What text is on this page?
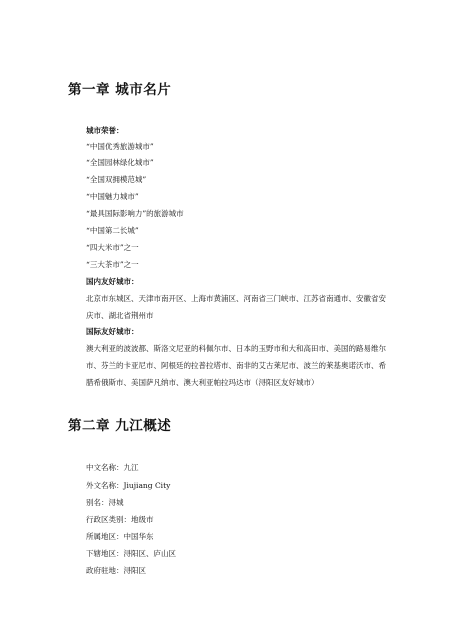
第一章 城市名片

城市荣誉：

“中国优秀旅游城市”

“全国园林绿化城市”

“全国双拥模范城”

“中国魅力城市”

“最具国际影响力”的旅游城市

“中国第二长城”

“四大米市”之一

“三大茶市”之一

国内友好城市：

北京市东城区、天津市南开区、上海市黄浦区、河南省三门峡市、江苏省南通市、安徽省安庆市、湖北省荆州市

国际友好城市：

澳大利亚的波波都、斯洛文尼亚的科佩尔市、日本的玉野市和大和高田市、美国的路易维尔市、芬兰的卡亚尼市、阿根廷的拉普拉塔市、南非的艾古莱尼市、波兰的莱基奥诺沃市、希腊希俄斯市、美国萨凡纳市、澳大利亚帕拉玛达市（浔阳区友好城市）

第二章 九江概述

中文名称：九江

外文名称：Jiujiang City

别名：浔城

行政区类别：地级市

所属地区：中国华东

下辖地区：浔阳区、庐山区

政府驻地：浔阳区
